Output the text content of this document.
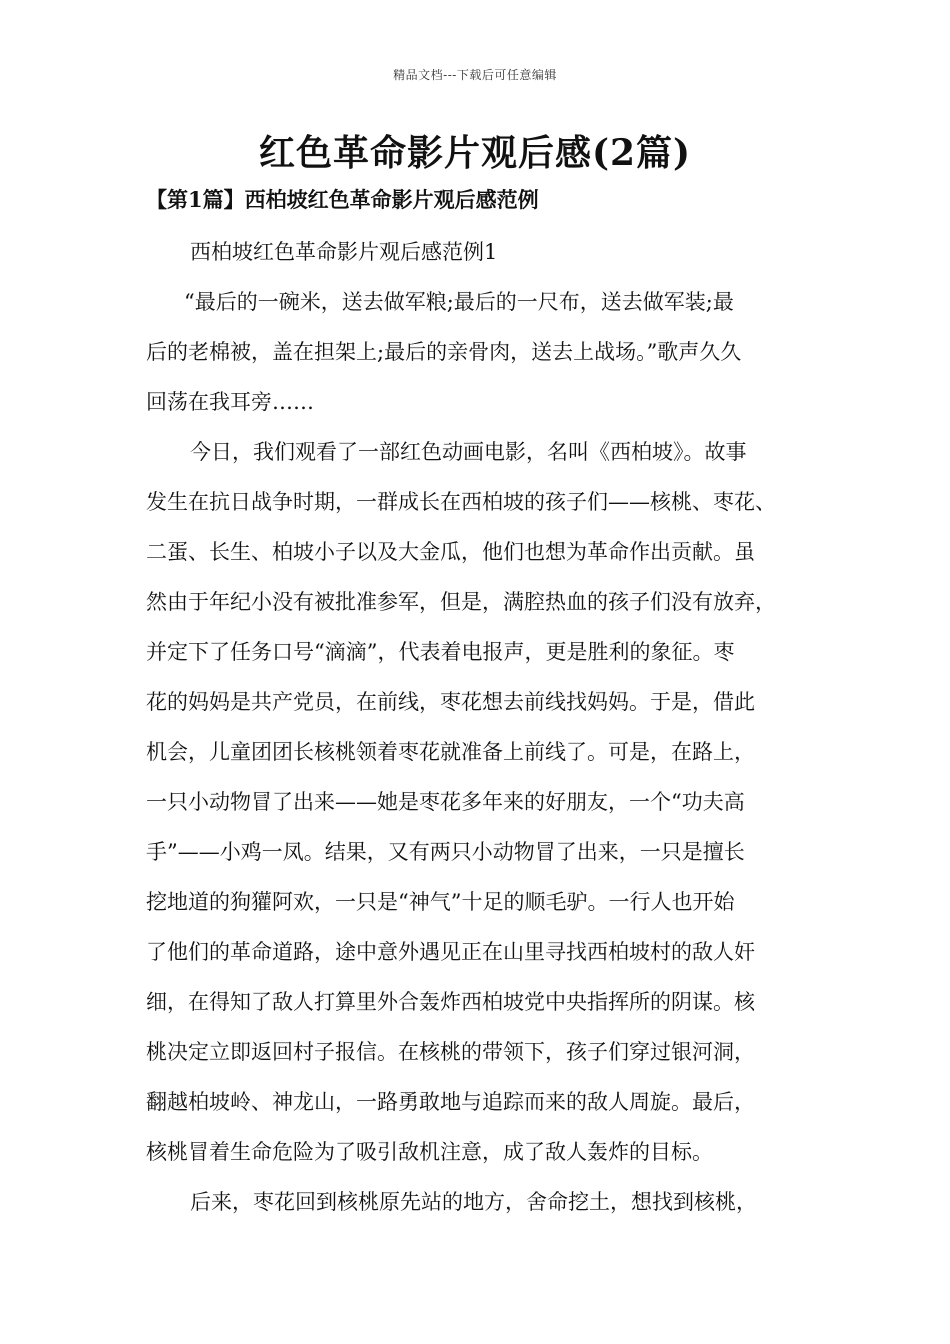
精品文档---下载后可任意编辑
红色革命影片观后感(2篇)
【第1篇】西柏坡红色革命影片观后感范例
西柏坡红色革命影片观后感范例1
“最后的一碗米，送去做军粮;最后的一尺布，送去做军装;最
后的老棉被，盖在担架上;最后的亲骨肉，送去上战场。”歌声久久
回荡在我耳旁……
今日，我们观看了一部红色动画电影，名叫《西柏坡》。故事
发生在抗日战争时期，一群成长在西柏坡的孩子们——核桃、枣花、
二蛋、长生、柏坡小子以及大金瓜，他们也想为革命作出贡献。虽
然由于年纪小没有被批准参军，但是，满腔热血的孩子们没有放弃，
并定下了任务口号“滴滴”，代表着电报声，更是胜利的象征。枣
花的妈妈是共产党员，在前线，枣花想去前线找妈妈。于是，借此
机会，儿童团团长核桃领着枣花就准备上前线了。可是，在路上，
一只小动物冒了出来——她是枣花多年来的好朋友，一个“功夫高
手”——小鸡一凤。结果，又有两只小动物冒了出来，一只是擅长
挖地道的狗獾阿欢，一只是“神气”十足的顺毛驴。一行人也开始
了他们的革命道路，途中意外遇见正在山里寻找西柏坡村的敌人奸
细，在得知了敌人打算里外合轰炸西柏坡党中央指挥所的阴谋。核
桃决定立即返回村子报信。在核桃的带领下，孩子们穿过银河洞，
翻越柏坡岭、神龙山，一路勇敢地与追踪而来的敌人周旋。最后，
核桃冒着生命危险为了吸引敌机注意，成了敌人轰炸的目标。
后来，枣花回到核桃原先站的地方，舍命挖土，想找到核桃，
